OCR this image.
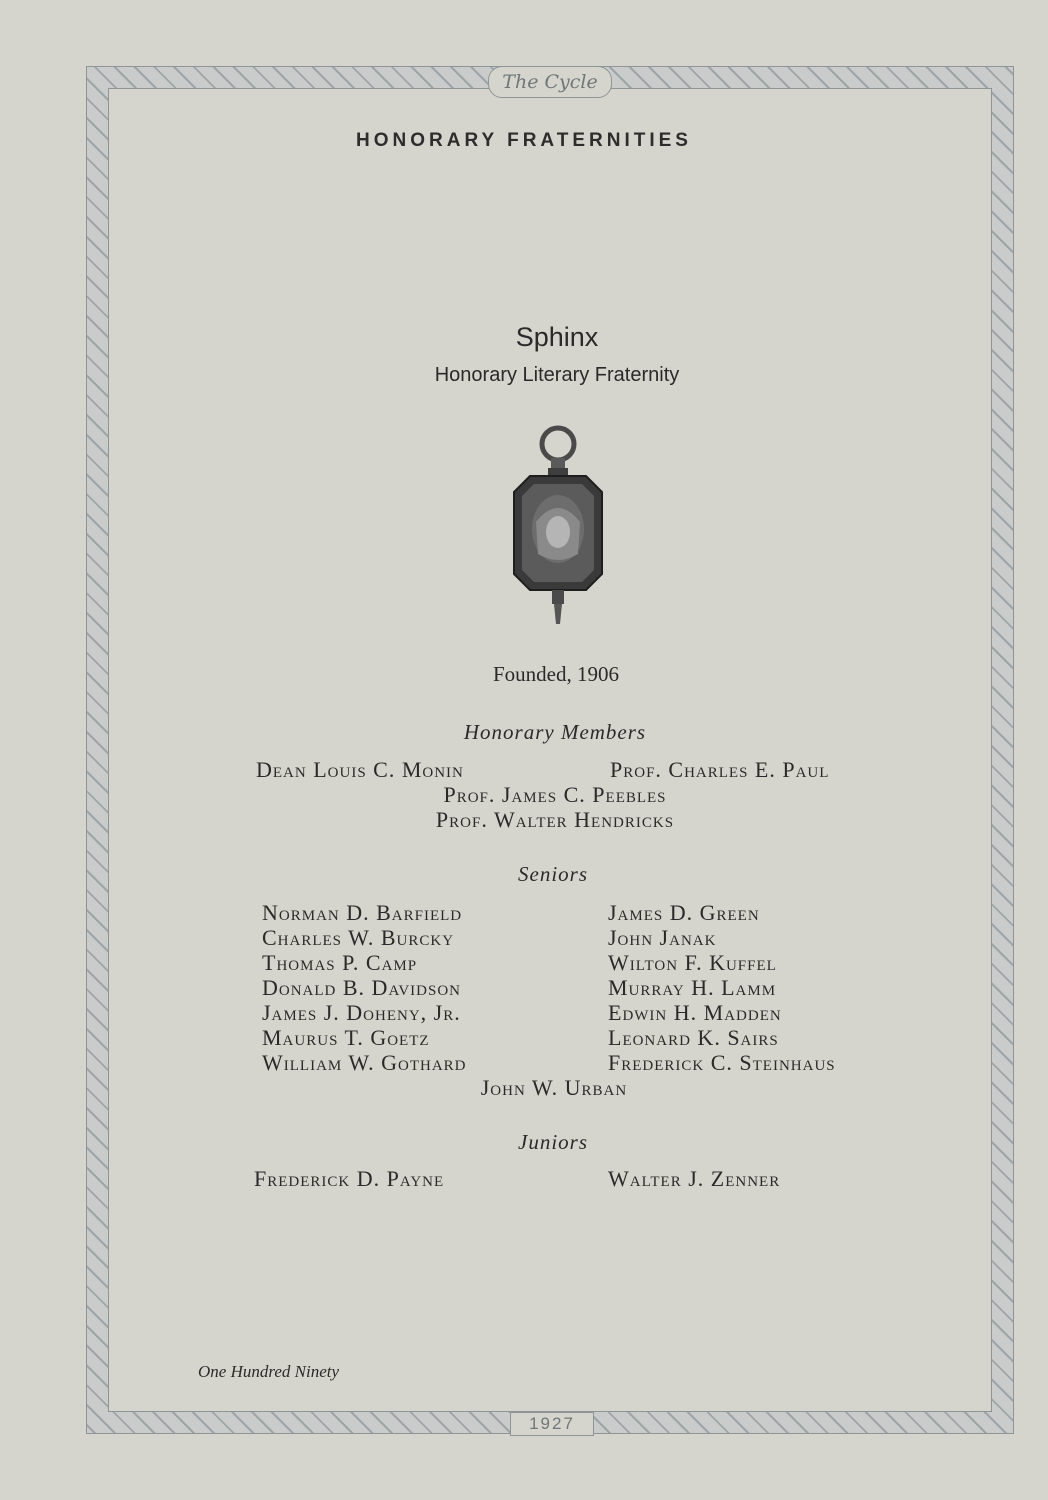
The Cycle
1927
HONORARY FRATERNITIES
Sphinx
Honorary Literary Fraternity
Founded, 1906
Honorary Members
Dean Louis C. Monin	Prof. Charles E. Paul
Prof. James C. Peebles
Prof. Walter Hendricks
Seniors
Norman D. Barfield
Charles W. Burcky
Thomas P. Camp
Donald B. Davidson
James J. Doheny, Jr.
Maurus T. Goetz
William W. Gothard
James D. Green
John Janak
Wilton F. Kuffel
Murray H. Lamm
Edwin H. Madden
Leonard K. Sairs
Frederick C. Steinhaus
John W. Urban
Juniors
Frederick D. Payne	Walter J. Zenner
One Hundred Ninety
